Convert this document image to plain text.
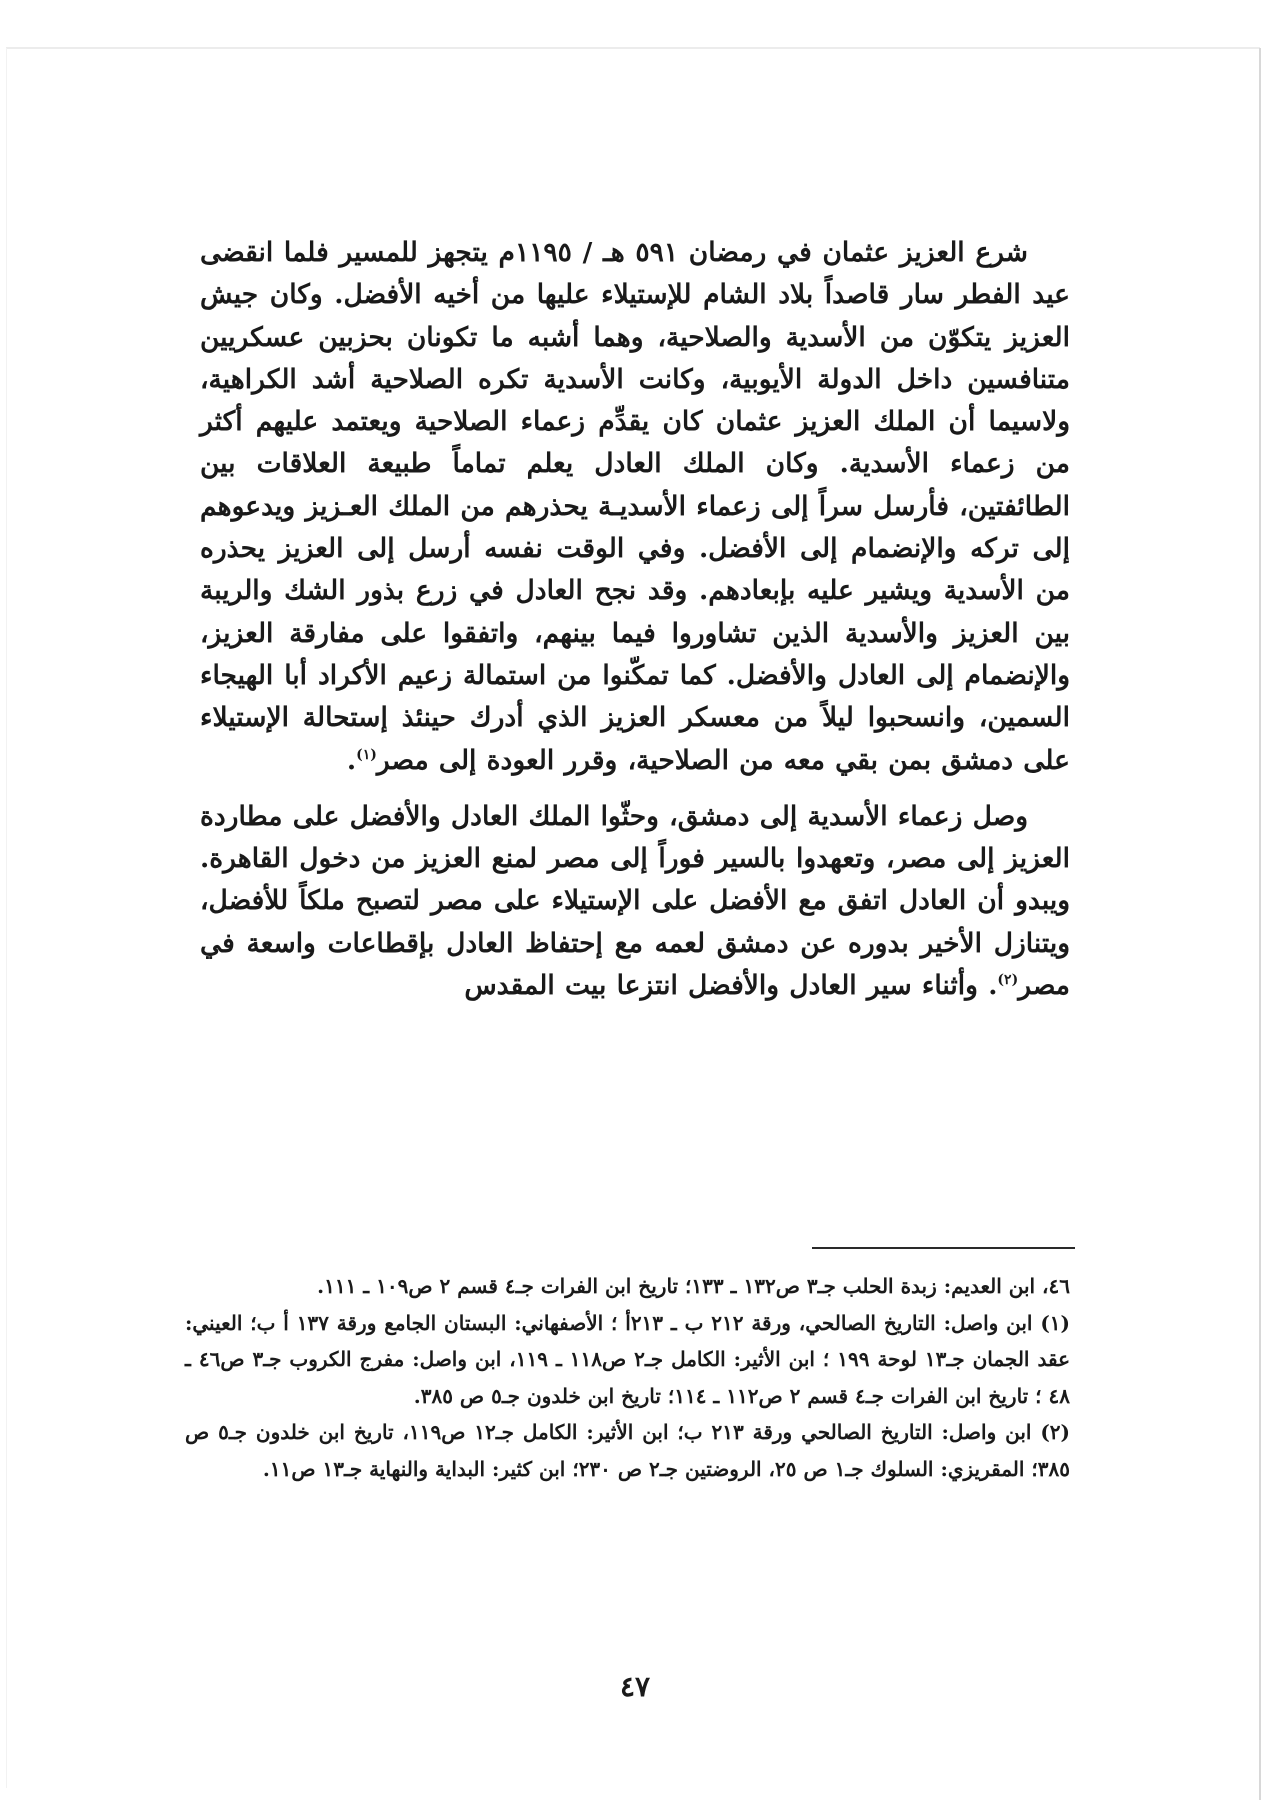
شرع العزيز عثمان في رمضان ٥٩١ هـ / ١١٩٥م يتجهز للمسير فلما انقضى عيد الفطر سار قاصداً بلاد الشام للإستيلاء عليها من أخيه الأفضل. وكان جيش العزيز يتكوّن من الأسدية والصلاحية، وهما أشبه ما تكونان بحزبين عسكريين متنافسين داخل الدولة الأيوبية، وكانت الأسدية تكره الصلاحية أشد الكراهية، ولاسيما أن الملك العزيز عثمان كان يقدِّم زعماء الصلاحية ويعتمد عليهم أكثر من زعماء الأسدية. وكان الملك العادل يعلم تماماً طبيعة العلاقات بين الطائفتين، فأرسل سراً إلى زعماء الأسديـة يحذرهم من الملك العـزيز ويدعوهم إلى تركه والإنضمام إلى الأفضل. وفي الوقت نفسه أرسل إلى العزيز يحذره من الأسدية ويشير عليه بإبعادهم. وقد نجح العادل في زرع بذور الشك والريبة بين العزيز والأسدية الذين تشاوروا فيما بينهم، واتفقوا على مفارقة العزيز، والإنضمام إلى العادل والأفضل. كما تمكّنوا من استمالة زعيم الأكراد أبا الهيجاء السمين، وانسحبوا ليلاً من معسكر العزيز الذي أدرك حينئذ إستحالة الإستيلاء على دمشق بمن بقي معه من الصلاحية، وقرر العودة إلى مصر$^{(١)}$.

وصل زعماء الأسدية إلى دمشق، وحثّوا الملك العادل والأفضل على مطاردة العزيز إلى مصر، وتعهدوا بالسير فوراً إلى مصر لمنع العزيز من دخول القاهرة. ويبدو أن العادل اتفق مع الأفضل على الإستيلاء على مصر لتصبح ملكاً للأفضل، ويتنازل الأخير بدوره عن دمشق لعمه مع إحتفاظ العادل بإقطاعات واسعة في مصر$^{(٢)}$. وأثناء سير العادل والأفضل انتزعا بيت المقدس

٤٦، ابن العديم: زبدة الحلب جـ٣ ص١٣٢ ـ ١٣٣؛ تاريخ ابن الفرات جـ٤ قسم ٢ ص١٠٩ ـ ١١١.

(١) ابن واصل: التاريخ الصالحي، ورقة ٢١٢ ب ـ ٢١٣أ ؛ الأصفهاني: البستان الجامع ورقة ١٣٧ أ ب؛ العيني: عقد الجمان جـ١٣ لوحة ١٩٩ ؛ ابن الأثير: الكامل جـ٢ ص١١٨ ـ ١١٩، ابن واصل: مفرج الكروب جـ٣ ص٤٦ ـ ٤٨ ؛ تاريخ ابن الفرات جـ٤ قسم ٢ ص١١٢ ـ ١١٤؛ تاريخ ابن خلدون جـ٥ ص ٣٨٥.

(٢) ابن واصل: التاريخ الصالحي ورقة ٢١٣ ب؛ ابن الأثير: الكامل جـ١٢ ص١١٩، تاريخ ابن خلدون جـ٥ ص ٣٨٥؛ المقريزي: السلوك جـ١ ص ٢٥، الروضتين جـ٢ ص ٢٣٠؛ ابن كثير: البداية والنهاية جـ١٣ ص١١.

٤٧
